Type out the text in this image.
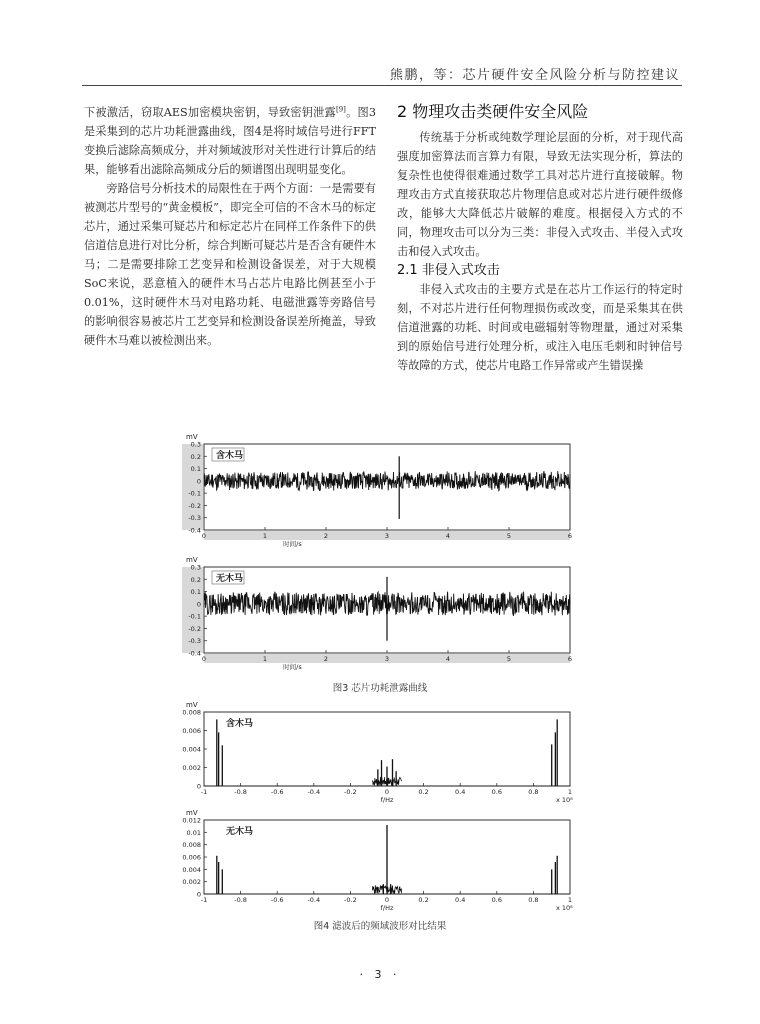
熊鹏，等：芯片硬件安全风险分析与防控建议

下被激活，窃取AES加密模块密钥，导致密钥泄露[9]。图3是采集到的芯片功耗泄露曲线，图4是将时域信号进行FFT变换后滤除高频成分，并对频域波形对关性进行计算后的结果，能够看出滤除高频成分后的频谱图出现明显变化。

旁路信号分析技术的局限性在于两个方面：一是需要有被测芯片型号的“黄金模板”，即完全可信的不含木马的标定芯片，通过采集可疑芯片和标定芯片在同样工作条件下的供信道信息进行对比分析，综合判断可疑芯片是否含有硬件木马；二是需要排除工艺变异和检测设备误差，对于大规模SoC来说，恶意植入的硬件木马占芯片电路比例甚至小于0.01%，这时硬件木马对电路功耗、电磁泄露等旁路信号的影响很容易被芯片工艺变异和检测设备误差所掩盖，导致硬件木马难以被检测出来。

2 物理攻击类硬件安全风险

传统基于分析或纯数学理论层面的分析，对于现代高强度加密算法而言算力有限，导致无法实现分析，算法的复杂性也使得很难通过数学工具对芯片进行直接破解。物理攻击方式直接获取芯片物理信息或对芯片进行硬件级修改，能够大大降低芯片破解的难度。根据侵入方式的不同，物理攻击可以分为三类：非侵入式攻击、半侵入式攻击和侵入式攻击。

2.1 非侵入式攻击

非侵入式攻击的主要方式是在芯片工作运行的特定时刻，不对芯片进行任何物理损伤或改变，而是采集其在供信道泄露的功耗、时间或电磁辐射等物理量，通过对采集到的原始信号进行处理分析，或注入电压毛刺和时钟信号等故障的方式，使芯片电路工作异常或产生错误操

mV
0.3
0.2
0.1
0
-0.1
-0.2
-0.3
-0.4
0	1	2	3	4	5	6
时间/s
含木马
mV
0.3
0.2
0.1
0
-0.1
-0.2
-0.3
-0.4
0	1	2	3	4	5	6
时间/s
无木马
图3 芯片功耗泄露曲线
mV
0.008
0.006
0.004
0.002
0
-1	-0.8	-0.6	-0.4	-0.2	0	0.2	0.4	0.6	0.8	1
f/Hz	x 10⁸
含木马
mV
0.012
0.01
0.008
0.006
0.004
0.002
0
-1	-0.8	-0.6	-0.4	-0.2	0	0.2	0.4	0.6	0.8	1
f/Hz	x 10⁸
无木马
图4 滤波后的频域波形对比结果
· 3 ·
